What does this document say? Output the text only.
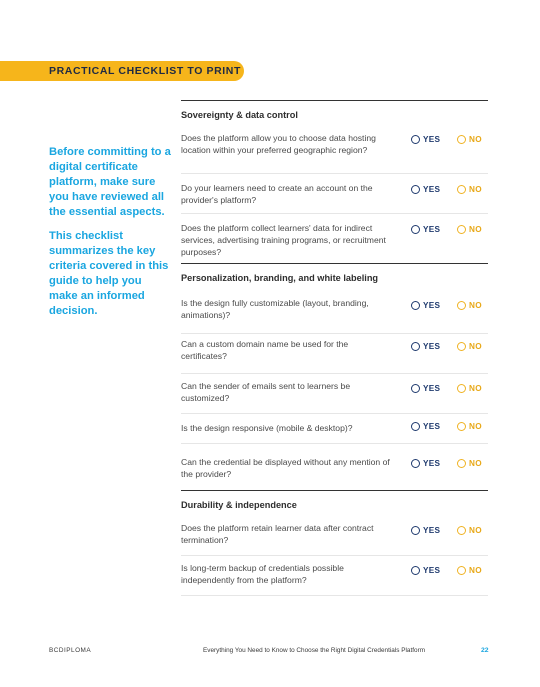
PRACTICAL CHECKLIST TO PRINT

Before committing to a digital certificate platform, make sure you have reviewed all the essential aspects.

This checklist summarizes the key criteria covered in this guide to help you make an informed decision.

Sovereignty & data control

Does the platform allow you to choose data hosting location within your preferred geographic region?

YES	NO

Do your learners need to create an account on the provider's platform?

YES	NO

Does the platform collect learners' data for indirect services, advertising training programs, or recruitment purposes?

YES	NO
Personalization, branding, and white labeling

Is the design fully customizable (layout, branding, animations)?

YES	NO

Can a custom domain name be used for the certificates?

YES	NO

Can the sender of emails sent to learners be customized?

YES	NO

Is the design responsive (mobile & desktop)?	YES	NO

Can the credential be displayed without any mention of the provider?

YES	NO
Durability & independence

Does the platform retain learner data after contract termination?

YES	NO

Is long-term backup of credentials possible independently from the platform?

YES	NO
BCDIPLOMA	Everything You Need to Know to Choose the Right Digital Credentials Platform	22
